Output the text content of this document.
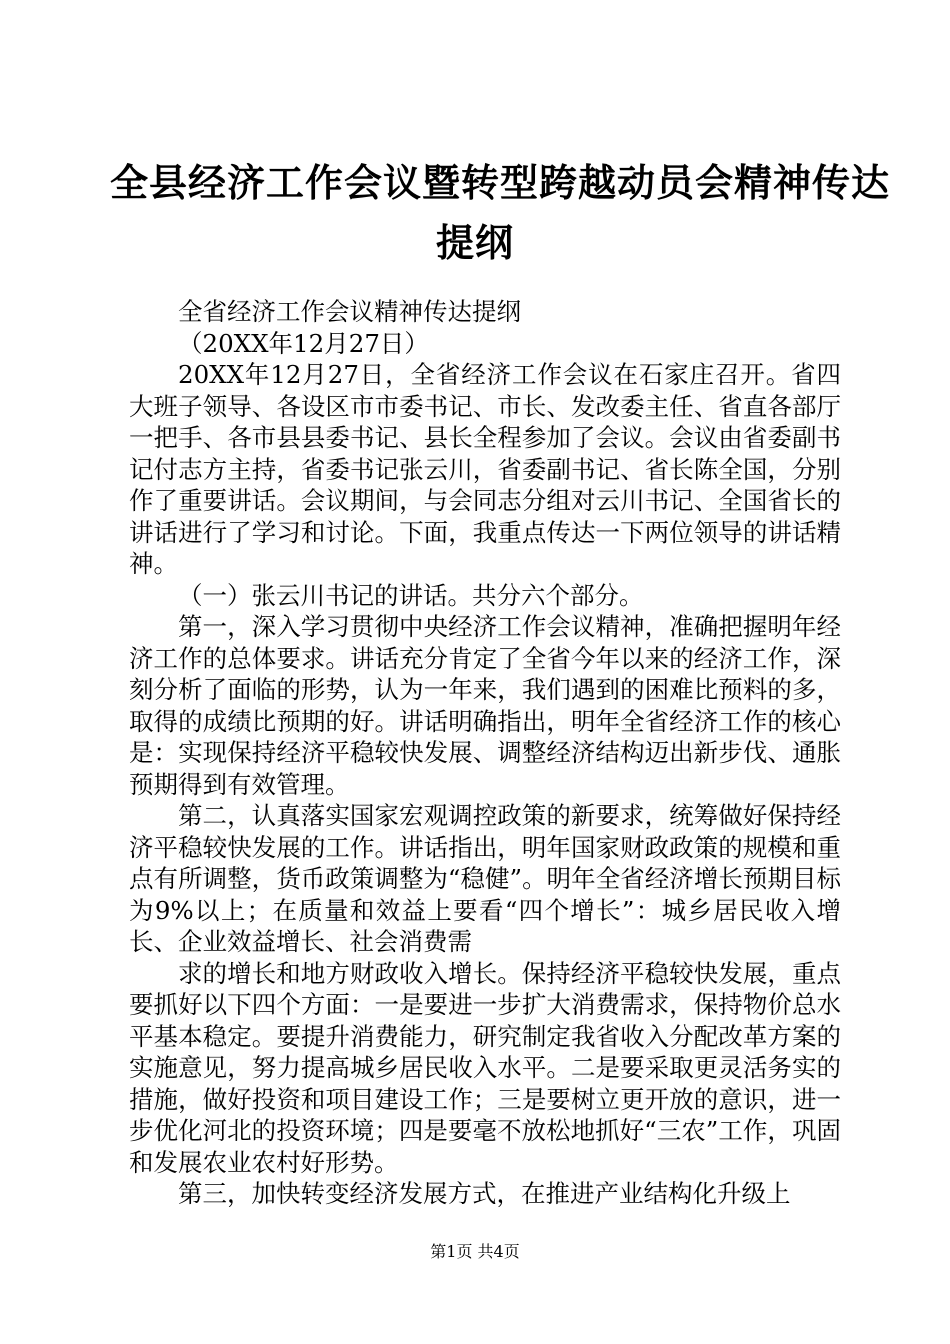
全县经济工作会议暨转型跨越动员会精神传达
提纲

全省经济工作会议精神传达提纲

（20XX年12月27日）

20XX年12月27日，全省经济工作会议在石家庄召开。省四大班子领导、各设区市市委书记、市长、发改委主任、省直各部厅一把手、各市县县委书记、县长全程参加了会议。会议由省委副书记付志方主持，省委书记张云川，省委副书记、省长陈全国，分别作了重要讲话。会议期间，与会同志分组对云川书记、全国省长的讲话进行了学习和讨论。下面，我重点传达一下两位领导的讲话精神。

（一）张云川书记的讲话。共分六个部分。

第一，深入学习贯彻中央经济工作会议精神，准确把握明年经济工作的总体要求。讲话充分肯定了全省今年以来的经济工作，深刻分析了面临的形势，认为一年来，我们遇到的困难比预料的多，取得的成绩比预期的好。讲话明确指出，明年全省经济工作的核心是：实现保持经济平稳较快发展、调整经济结构迈出新步伐、通胀预期得到有效管理。

第二，认真落实国家宏观调控政策的新要求，统筹做好保持经济平稳较快发展的工作。讲话指出，明年国家财政政策的规模和重点有所调整，货币政策调整为“稳健”。明年全省经济增长预期目标为9%以上；在质量和效益上要看“四个增长”：城乡居民收入增长、企业效益增长、社会消费需

求的增长和地方财政收入增长。保持经济平稳较快发展，重点要抓好以下四个方面：一是要进一步扩大消费需求，保持物价总水平基本稳定。要提升消费能力，研究制定我省收入分配改革方案的实施意见，努力提高城乡居民收入水平。二是要采取更灵活务实的措施，做好投资和项目建设工作；三是要树立更开放的意识，进一步优化河北的投资环境；四是要毫不放松地抓好“三农”工作，巩固和发展农业农村好形势。

第三，加快转变经济发展方式，在推进产业结构化升级上

第1页 共4页
